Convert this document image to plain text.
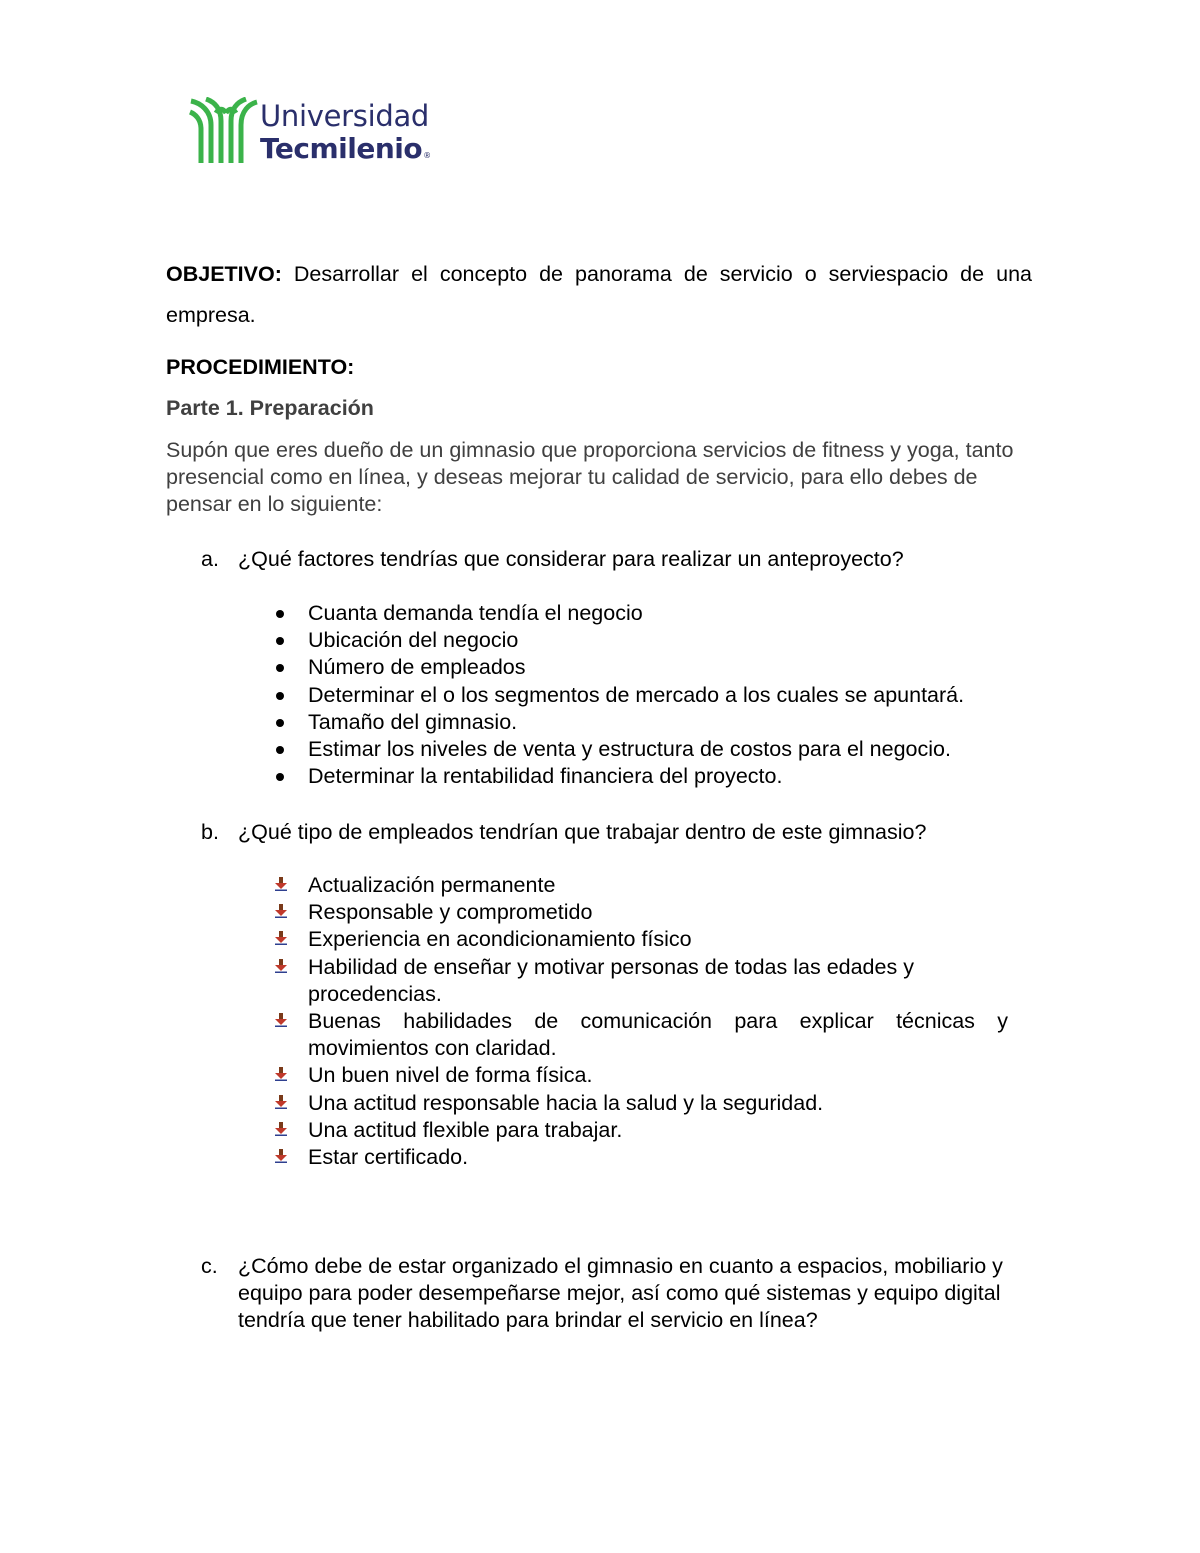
Universidad
Tecmilenio®
OBJETIVO: Desarrollar el concepto de panorama de servicio o serviespacio de una empresa.
PROCEDIMIENTO:
Parte 1. Preparación
Supón que eres dueño de un gimnasio que proporciona servicios de fitness y yoga, tanto presencial como en línea, y deseas mejorar tu calidad de servicio, para ello debes de pensar en lo siguiente:
a. ¿Qué factores tendrías que considerar para realizar un anteproyecto?
Cuanta demanda tendía el negocio
Ubicación del negocio
Número de empleados
Determinar el o los segmentos de mercado a los cuales se apuntará.
Tamaño del gimnasio.
Estimar los niveles de venta y estructura de costos para el negocio.
Determinar la rentabilidad financiera del proyecto.
b. ¿Qué tipo de empleados tendrían que trabajar dentro de este gimnasio?
Actualización permanente
Responsable y comprometido
Experiencia en acondicionamiento físico
Habilidad de enseñar y motivar personas de todas las edades y procedencias.
Buenas habilidades de comunicación para explicar técnicas y movimientos con claridad.
Un buen nivel de forma física.
Una actitud responsable hacia la salud y la seguridad.
Una actitud flexible para trabajar.
Estar certificado.
c. ¿Cómo debe de estar organizado el gimnasio en cuanto a espacios, mobiliario y equipo para poder desempeñarse mejor, así como qué sistemas y equipo digital tendría que tener habilitado para brindar el servicio en línea?
